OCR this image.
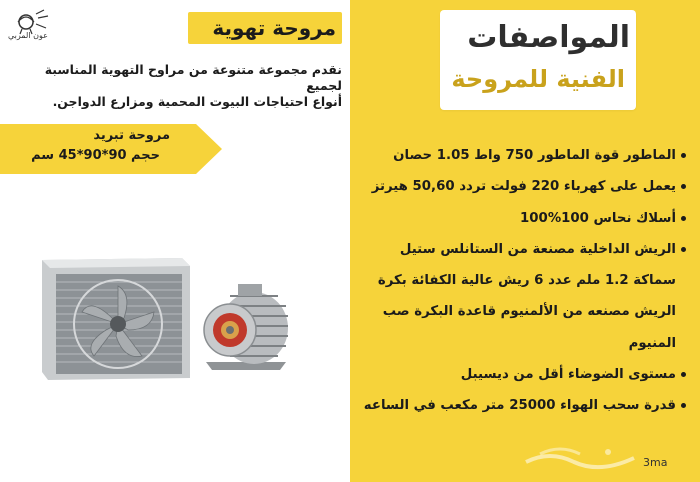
المواصفات
الفنية للمروحة
الماطور قوة الماطور 750 واط 1.05 حصان
يعمل على كهرباء 220 فولت تردد 50,60 هيرتز
أسلاك نحاس 100%100
الريش الداخلية مصنعة من الستانلس ستيل
سماكة 1.2 ملم عدد 6 ريش عالية الكفائة بكرة
الريش مصنعه من الألمنيوم قاعدة البكرة صب
المنيوم
مستوى الضوضاء أقل من ديسيبل
قدرة سحب الهواء 25000 متر مكعب في الساعه
عون المربي	مروحة تهوية
نقدم مجموعة متنوعة من مراوح التهوية المناسبة لجميع
أنواع احتياجات البيوت المحمية ومزارع الدواجن.
مروحة تبريد
حجم 90*90*45 سم
3ma
